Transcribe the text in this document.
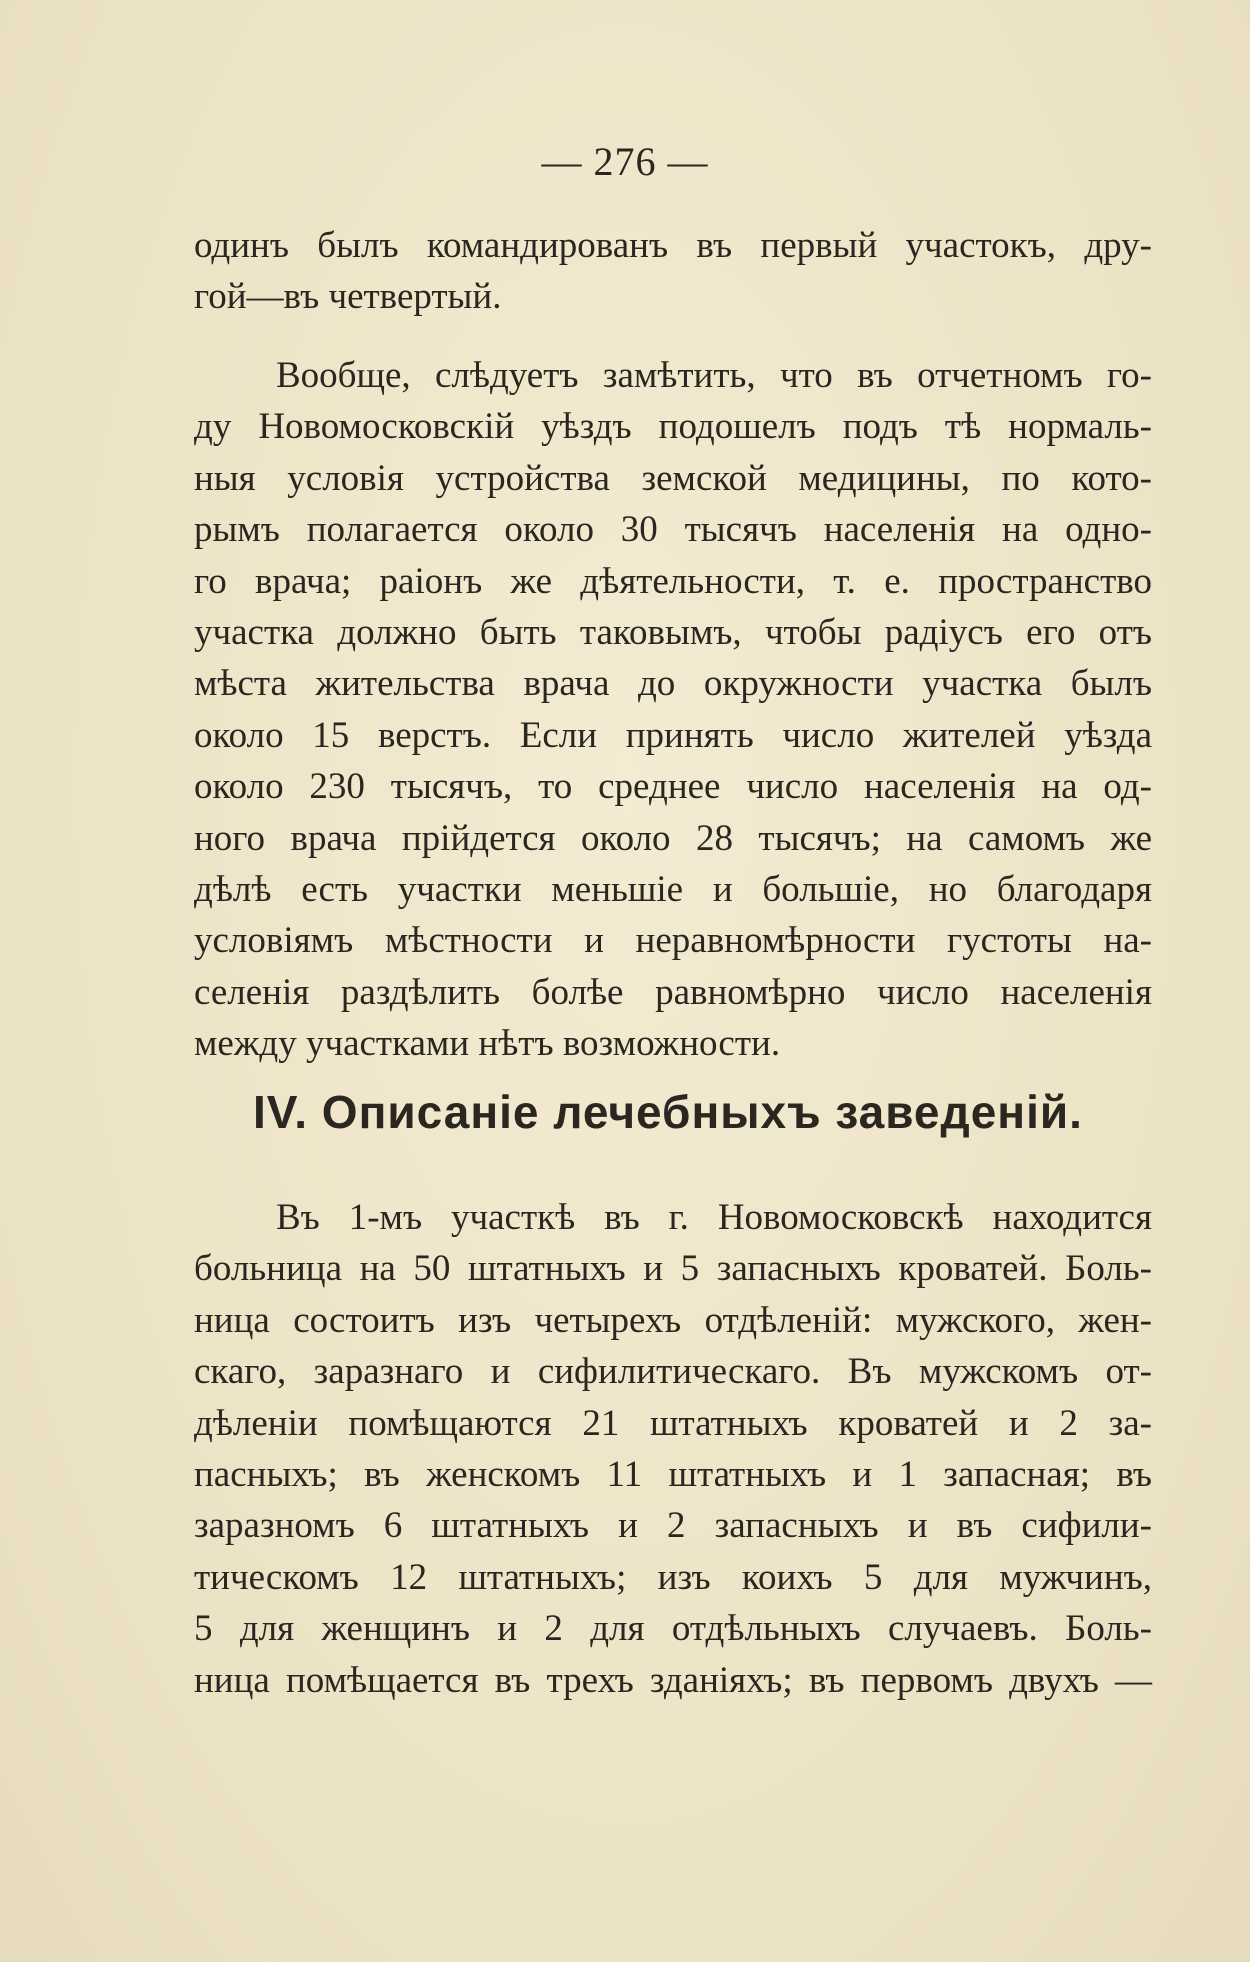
— 276 —
одинъ былъ командированъ въ первый участокъ, дру-
гой—въ четвертый.
Вообще, слѣдуетъ замѣтить, что въ отчетномъ го-
ду Новомосковскій уѣздъ подошелъ подъ тѣ нормаль-
ныя условія устройства земской медицины, по кото-
рымъ полагается около 30 тысячъ населенія на одно-
го врача; раіонъ же дѣятельности, т. е. пространство
участка должно быть таковымъ, чтобы радіусъ его отъ
мѣста жительства врача до окружности участка былъ
около 15 верстъ. Если принять число жителей уѣзда
около 230 тысячъ, то среднее число населенія на од-
ного врача прійдется около 28 тысячъ; на самомъ же
дѣлѣ есть участки меньшіе и большіе, но благодаря
условіямъ мѣстности и неравномѣрности густоты на-
селенія раздѣлить болѣе равномѣрно число населенія
между участками нѣтъ возможности.
IV. Описаніе лечебныхъ заведеній.
Въ 1-мъ участкѣ въ г. Новомосковскѣ находится
больница на 50 штатныхъ и 5 запасныхъ кроватей. Боль-
ница состоитъ изъ четырехъ отдѣленій: мужского, жен-
скаго, заразнаго и сифилитическаго. Въ мужскомъ от-
дѣленіи помѣщаются 21 штатныхъ кроватей и 2 за-
пасныхъ; въ женскомъ 11 штатныхъ и 1 запасная; въ
заразномъ 6 штатныхъ и 2 запасныхъ и въ сифили-
тическомъ 12 штатныхъ; изъ коихъ 5 для мужчинъ,
5 для женщинъ и 2 для отдѣльныхъ случаевъ. Боль-
ница помѣщается въ трехъ зданіяхъ; въ первомъ двухъ —
